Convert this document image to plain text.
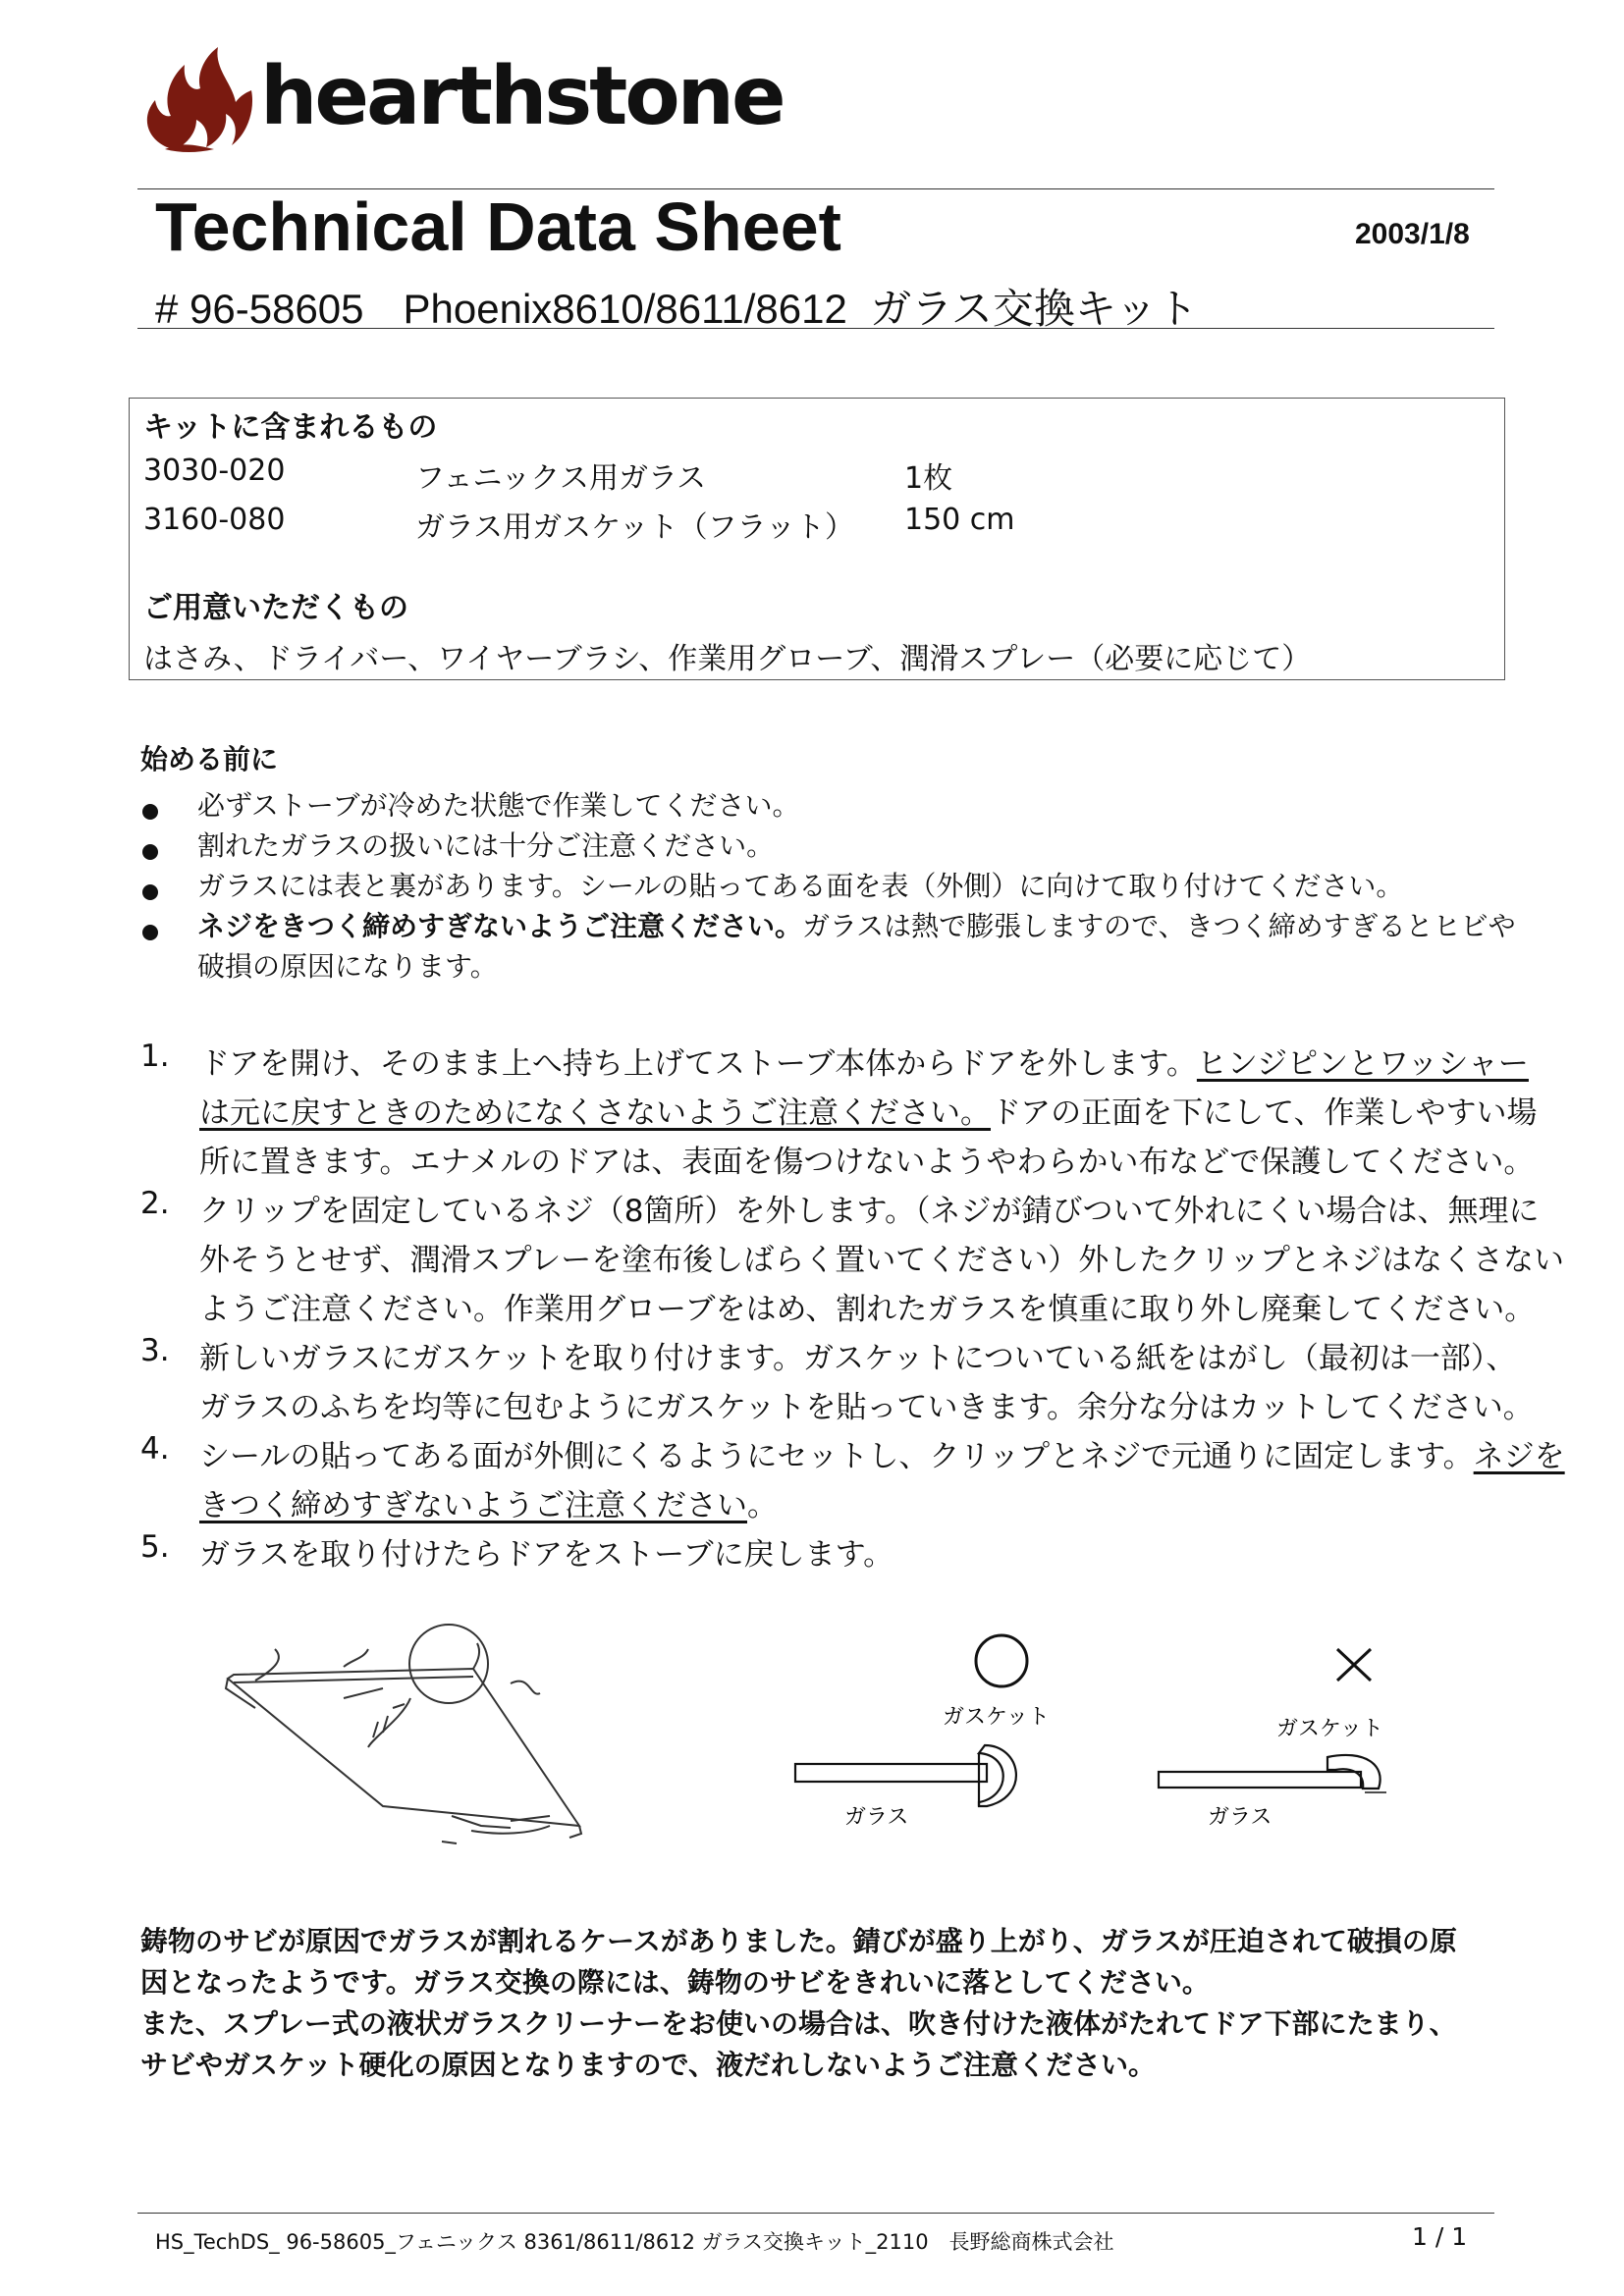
hearthstone
Technical Data Sheet	2003/1/8
# 96-58605 Phoenix8610/8611/8612 ガラス交換キット
キットに含まれるもの
3030-020	フェニックス用ガラス	1枚
3160-080	ガラス用ガスケット（フラット） 150 cm
ご用意いただくもの
はさみ、ドライバー、ワイヤーブラシ、作業用グローブ、潤滑スプレー（必要に応じて）
始める前に
必ずストーブが冷めた状態で作業してください。
割れたガラスの扱いには十分ご注意ください。
ガラスには表と裏があります。シールの貼ってある面を表（外側）に向けて取り付けてください。
ネジをきつく締めすぎないようご注意ください。ガラスは熱で膨張しますので、きつく締めすぎるとヒビや
破損の原因になります。
1. ドアを開け、そのまま上へ持ち上げてストーブ本体からドアを外します。ヒンジピンとワッシャー
は元に戻すときのためになくさないようご注意ください。ドアの正面を下にして、作業しやすい場
所に置きます。エナメルのドアは、表面を傷つけないようやわらかい布などで保護してください。
2. クリップを固定しているネジ（8箇所）を外します。（ネジが錆びついて外れにくい場合は、無理に
外そうとせず、潤滑スプレーを塗布後しばらく置いてください）外したクリップとネジはなくさない
ようご注意ください。作業用グローブをはめ、割れたガラスを慎重に取り外し廃棄してください。
3. 新しいガラスにガスケットを取り付けます。ガスケットについている紙をはがし（最初は一部）、
ガラスのふちを均等に包むようにガスケットを貼っていきます。余分な分はカットしてください。
4. シールの貼ってある面が外側にくるようにセットし、クリップとネジで元通りに固定します。ネジを
きつく締めすぎないようご注意ください。
5. ガラスを取り付けたらドアをストーブに戻します。
ガスケット
ガラス
ガスケット
ガラス
鋳物のサビが原因でガラスが割れるケースがありました。錆びが盛り上がり、ガラスが圧迫されて破損の原
因となったようです。ガラス交換の際には、鋳物のサビをきれいに落としてください。
また、スプレー式の液状ガラスクリーナーをお使いの場合は、吹き付けた液体がたれてドア下部にたまり、
サビやガスケット硬化の原因となりますので、液だれしないようご注意ください。
HS_TechDS_ 96-58605_フェニックス 8361/8611/8612 ガラス交換キット_2110　長野総商株式会社	1 / 1
